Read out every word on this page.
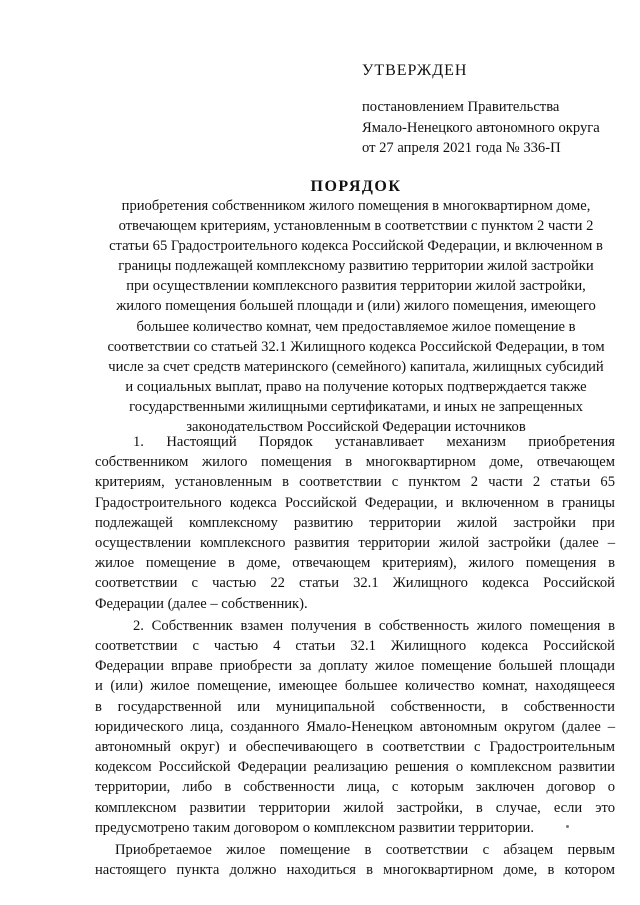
УТВЕРЖДЕН
постановлением Правительства
Ямало-Ненецкого автономного округа
от 27 апреля 2021 года № 336-П
ПОРЯДОК
приобретения собственником жилого помещения в многоквартирном доме,
отвечающем критериям, установленным в соответствии с пунктом 2 части 2
статьи 65 Градостроительного кодекса Российской Федерации, и включенном в
границы подлежащей комплексному развитию территории жилой застройки
при осуществлении комплексного развития территории жилой застройки,
жилого помещения большей площади и (или) жилого помещения, имеющего
большее количество комнат, чем предоставляемое жилое помещение в
соответствии со статьей 32.1 Жилищного кодекса Российской Федерации, в том
числе за счет средств материнского (семейного) капитала, жилищных субсидий
и социальных выплат, право на получение которых подтверждается также
государственными жилищными сертификатами, и иных не запрещенных
законодательством Российской Федерации источников
1. Настоящий Порядок устанавливает механизм приобретения
собственником жилого помещения в многоквартирном доме, отвечающем
критериям, установленным в соответствии с пунктом 2 части 2 статьи 65
Градостроительного кодекса Российской Федерации, и включенном в границы
подлежащей комплексному развитию территории жилой застройки при
осуществлении комплексного развития территории жилой застройки (далее –
жилое помещение в доме, отвечающем критериям), жилого помещения в
соответствии с частью 22 статьи 32.1 Жилищного кодекса Российской
Федерации (далее – собственник).
2. Собственник взамен получения в собственность жилого помещения в
соответствии с частью 4 статьи 32.1 Жилищного кодекса Российской
Федерации вправе приобрести за доплату жилое помещение большей площади
и (или) жилое помещение, имеющее большее количество комнат, находящееся
в государственной или муниципальной собственности, в собственности
юридического лица, созданного Ямало-Ненецком автономным округом (далее –
автономный округ) и обеспечивающего в соответствии с Градостроительным
кодексом Российской Федерации реализацию решения о комплексном развитии
территории, либо в собственности лица, с которым заключен договор о
комплексном развитии территории жилой застройки, в случае, если это
предусмотрено таким договором о комплексном развитии территории.
Приобретаемое жилое помещение в соответствии с абзацем первым
настоящего пункта должно находиться в многоквартирном доме, в котором
